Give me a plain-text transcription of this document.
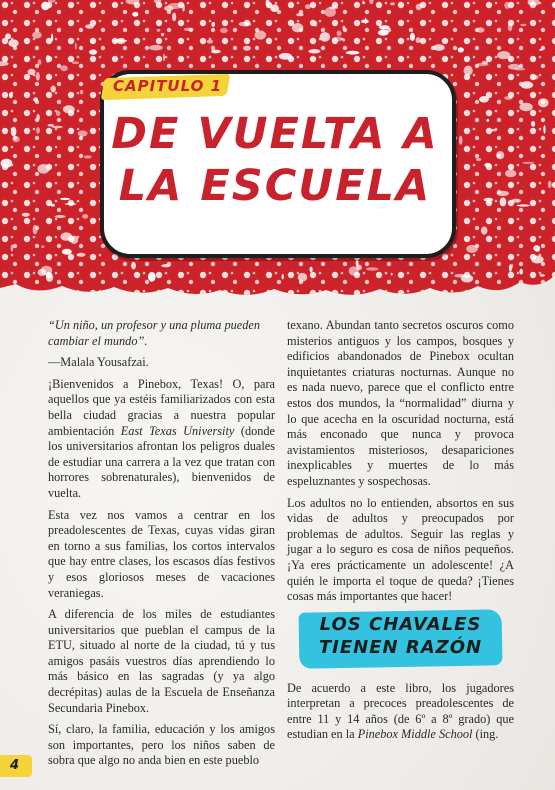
CAPITULO 1
DE VUELTA A
LA ESCUELA

“Un niño, un profesor y una pluma pueden cambiar el mundo”.

—Malala Yousafzai.

¡Bienvenidos a Pinebox, Texas! O, para aquellos que ya estéis familiarizados con esta bella ciudad gracias a nuestra popular ambientación East Texas University (donde los universitarios afrontan los peligros duales de estudiar una carrera a la vez que tratan con horrores sobrenaturales), bienvenidos de vuelta.

Esta vez nos vamos a centrar en los preadolescentes de Texas, cuyas vidas giran en torno a sus familias, los cortos intervalos que hay entre clases, los escasos días festivos y esos gloriosos meses de vacaciones veraniegas.

A diferencia de los miles de estudiantes universitarios que pueblan el campus de la ETU, situado al norte de la ciudad, tú y tus amigos pasáis vuestros días aprendiendo lo más básico en las sagradas (y ya algo decrépitas) aulas de la Escuela de Enseñanza Secundaria Pinebox.

Sí, claro, la familia, educación y los amigos son importantes, pero los niños saben de sobra que algo no anda bien en este pueblo

texano. Abundan tanto secretos oscuros como misterios antiguos y los campos, bosques y edificios abandonados de Pinebox ocultan inquietantes criaturas nocturnas. Aunque no es nada nuevo, parece que el conflicto entre estos dos mundos, la “normalidad” diurna y lo que acecha en la oscuridad nocturna, está más enconado que nunca y provoca avistamientos misteriosos, desapariciones inexplicables y muertes de lo más espeluznantes y sospechosas.

Los adultos no lo entienden, absortos en sus vidas de adultos y preocupados por problemas de adultos. Seguir las reglas y jugar a lo seguro es cosa de niños pequeños. ¡Ya eres prácticamente un adolescente! ¿A quién le importa el toque de queda? ¡Tienes cosas más importantes que hacer!

LOS CHAVALES
TIENEN RAZÓN

De acuerdo a este libro, los jugadores interpretan a precoces preadolescentes de entre 11 y 14 años (de 6º a 8º grado) que estudian en la Pinebox Middle School (ing.

4
